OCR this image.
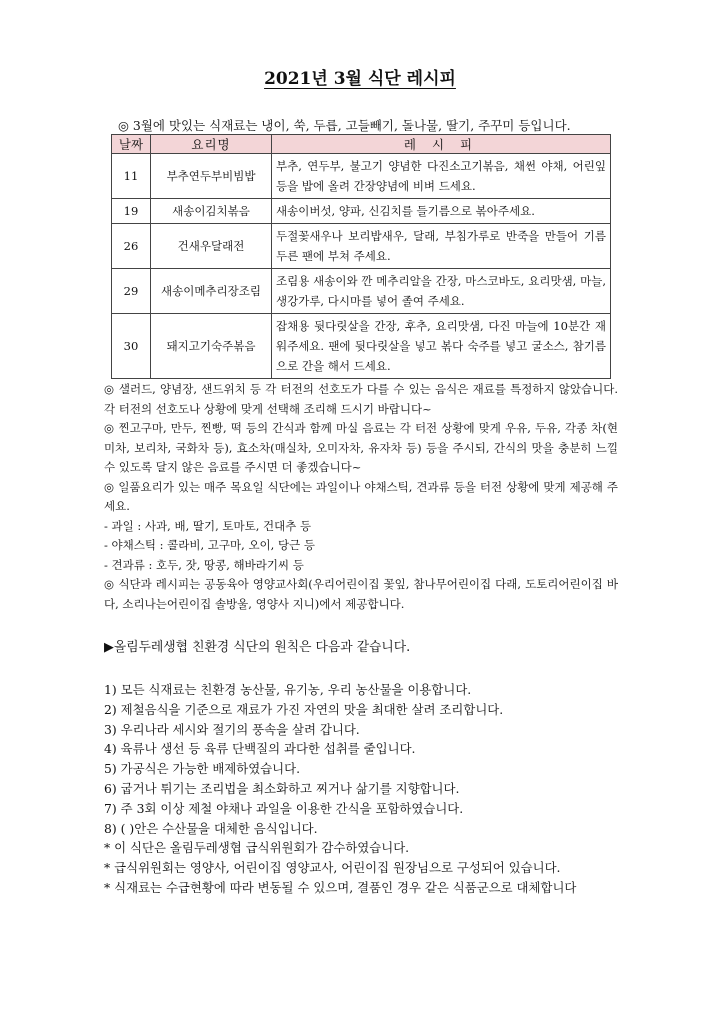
2021년 3월 식단 레시피
◎ 3월에 맛있는 식재료는 냉이, 쑥, 두릅, 고들빼기, 돌나물, 딸기, 주꾸미 등입니다.
날짜	요리명	레 시 피
11	부추연두부비빔밥	부추, 연두부, 불고기 양념한 다진소고기볶음, 채썬 야채, 어린잎 등을 밥에 올려 간장양념에 비벼 드세요.
19	새송이김치볶음	새송이버섯, 양파, 신김치를 들기름으로 볶아주세요.
26	건새우달래전	두절꽃새우나 보리밥새우, 달래, 부침가루로 반죽을 만들어 기름 두른 팬에 부쳐 주세요.
29	새송이메추리장조림	조림용 새송이와 깐 메추리알을 간장, 마스코바도, 요리맛샘, 마늘, 생강가루, 다시마를 넣어 졸여 주세요.
30	돼지고기숙주볶음	잡채용 뒷다릿살을 간장, 후추, 요리맛샘, 다진 마늘에 10분간 재워주세요. 팬에 뒷다릿살을 넣고 볶다 숙주를 넣고 굴소스, 참기름으로 간을 해서 드세요.

◎ 샐러드, 양념장, 샌드위치 등 각 터전의 선호도가 다를 수 있는 음식은 재료를 특정하지 않았습니다. 각 터전의 선호도나 상황에 맞게 선택해 조리해 드시기 바랍니다~

◎ 찐고구마, 만두, 찐빵, 떡 등의 간식과 함께 마실 음료는 각 터전 상황에 맞게 우유, 두유, 각종 차(현미차, 보리차, 국화차 등), 효소차(매실차, 오미자차, 유자차 등) 등을 주시되, 간식의 맛을 충분히 느낄 수 있도록 달지 않은 음료를 주시면 더 좋겠습니다~

◎ 일품요리가 있는 매주 목요일 식단에는 과일이나 야채스틱, 견과류 등을 터전 상황에 맞게 제공해 주세요.

- 과일 : 사과, 배, 딸기, 토마토, 건대추 등

- 야채스틱 : 콜라비, 고구마, 오이, 당근 등

- 견과류 : 호두, 잣, 땅콩, 해바라기씨 등

◎ 식단과 레시피는 공동육아 영양교사회(우리어린이집 꽃잎, 참나무어린이집 다래, 도토리어린이집 바다, 소리나는어린이집 솔방울, 영양사 지니)에서 제공합니다.

▶올림두레생협 친환경 식단의 원칙은 다음과 같습니다.

1) 모든 식재료는 친환경 농산물, 유기농, 우리 농산물을 이용합니다.

2) 제철음식을 기준으로 재료가 가진 자연의 맛을 최대한 살려 조리합니다.

3) 우리나라 세시와 절기의 풍속을 살려 갑니다.

4) 육류나 생선 등 육류 단백질의 과다한 섭취를 줄입니다.

5) 가공식은 가능한 배제하였습니다.

6) 굽거나 튀기는 조리법을 최소화하고 찌거나 삶기를 지향합니다.

7) 주 3회 이상 제철 야채나 과일을 이용한 간식을 포함하였습니다.

8) ( )안은 수산물을 대체한 음식입니다.

* 이 식단은 올림두레생협 급식위원회가 감수하였습니다.

* 급식위원회는 영양사, 어린이집 영양교사, 어린이집 원장님으로 구성되어 있습니다.

* 식재료는 수급현황에 따라 변동될 수 있으며, 결품인 경우 같은 식품군으로 대체합니다
